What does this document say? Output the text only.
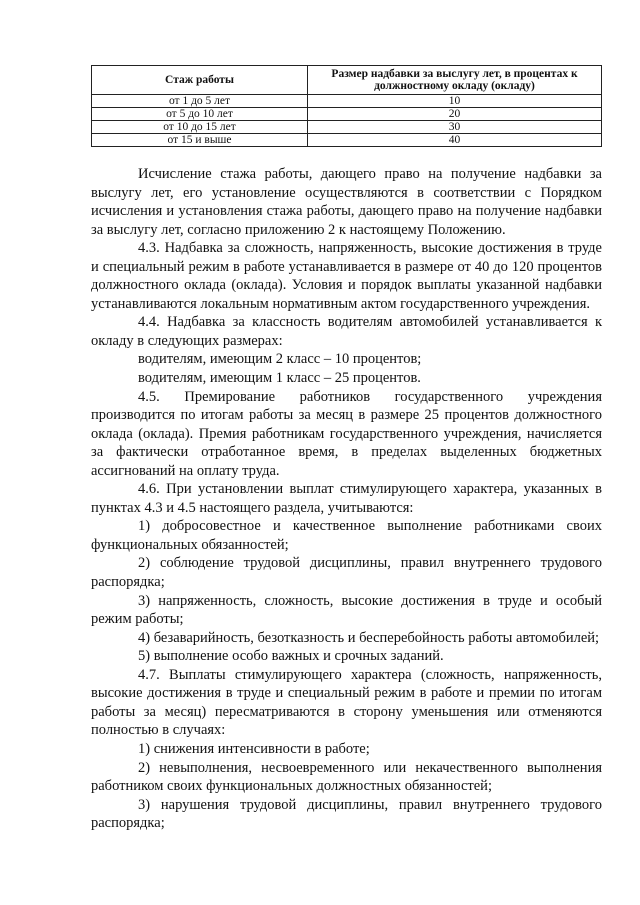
Стаж работы	Размер надбавки за выслугу лет, в процентах к должностному окладу (окладу)
от 1 до 5 лет	10
от 5 до 10 лет	20
от 10 до 15 лет	30
от 15 и выше	40

Исчисление стажа работы, дающего право на получение надбавки за выслугу лет, его установление осуществляются в соответствии с Порядком исчисления и установления стажа работы, дающего право на получение надбавки за выслугу лет, согласно приложению 2 к настоящему Положению.

4.3. Надбавка за сложность, напряженность, высокие достижения в труде и специальный режим в работе устанавливается в размере от 40 до 120 процентов должностного оклада (оклада). Условия и порядок выплаты указанной надбавки устанавливаются локальным нормативным актом государственного учреждения.

4.4. Надбавка за классность водителям автомобилей устанавливается к окладу в следующих размерах:

водителям, имеющим 2 класс – 10 процентов;

водителям, имеющим 1 класс – 25 процентов.

4.5. Премирование работников государственного учреждения производится по итогам работы за месяц в размере 25 процентов должностного оклада (оклада). Премия работникам государственного учреждения, начисляется за фактически отработанное время, в пределах выделенных бюджетных ассигнований на оплату труда.

4.6. При установлении выплат стимулирующего характера, указанных в пунктах 4.3 и 4.5 настоящего раздела, учитываются:

1) добросовестное и качественное выполнение работниками своих функциональных обязанностей;

2) соблюдение трудовой дисциплины, правил внутреннего трудового распорядка;

3) напряженность, сложность, высокие достижения в труде и особый режим работы;

4) безаварийность, безотказность и бесперебойность работы автомобилей;

5) выполнение особо важных и срочных заданий.

4.7. Выплаты стимулирующего характера (сложность, напряженность, высокие достижения в труде и специальный режим в работе и премии по итогам работы за месяц) пересматриваются в сторону уменьшения или отменяются полностью в случаях:

1) снижения интенсивности в работе;

2) невыполнения, несвоевременного или некачественного выполнения работником своих функциональных должностных обязанностей;

3) нарушения трудовой дисциплины, правил внутреннего трудового распорядка;
